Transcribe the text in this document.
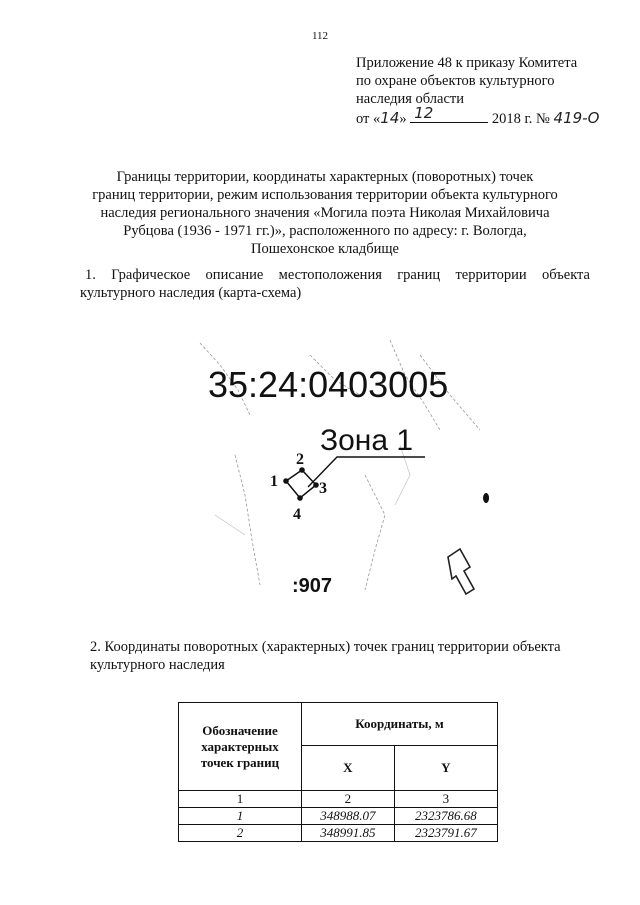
112
Приложение 48 к приказу Комитета
по охране объектов культурного
наследия области
от «14» 12	2018 г. № 419-О
Границы территории, координаты характерных (поворотных) точек
границ территории, режим использования территории объекта культурного
наследия регионального значения «Могила поэта Николая Михайловича
Рубцова (1936 - 1971 гг.)», расположенного по адресу: г. Вологда,
Пошехонское кладбище
1. Графическое описание местоположения границ территории объекта
культурного наследия (карта-схема)
35:24:0403005
Зона 1
1
2
3
4
:907
2. Координаты поворотных (характерных) точек границ территории объекта
культурного наследия
Обозначение
характерных
точек границ	Координаты, м	
	X	Y
1	2	3
1	348988.07	2323786.68
2	348991.85	2323791.67
